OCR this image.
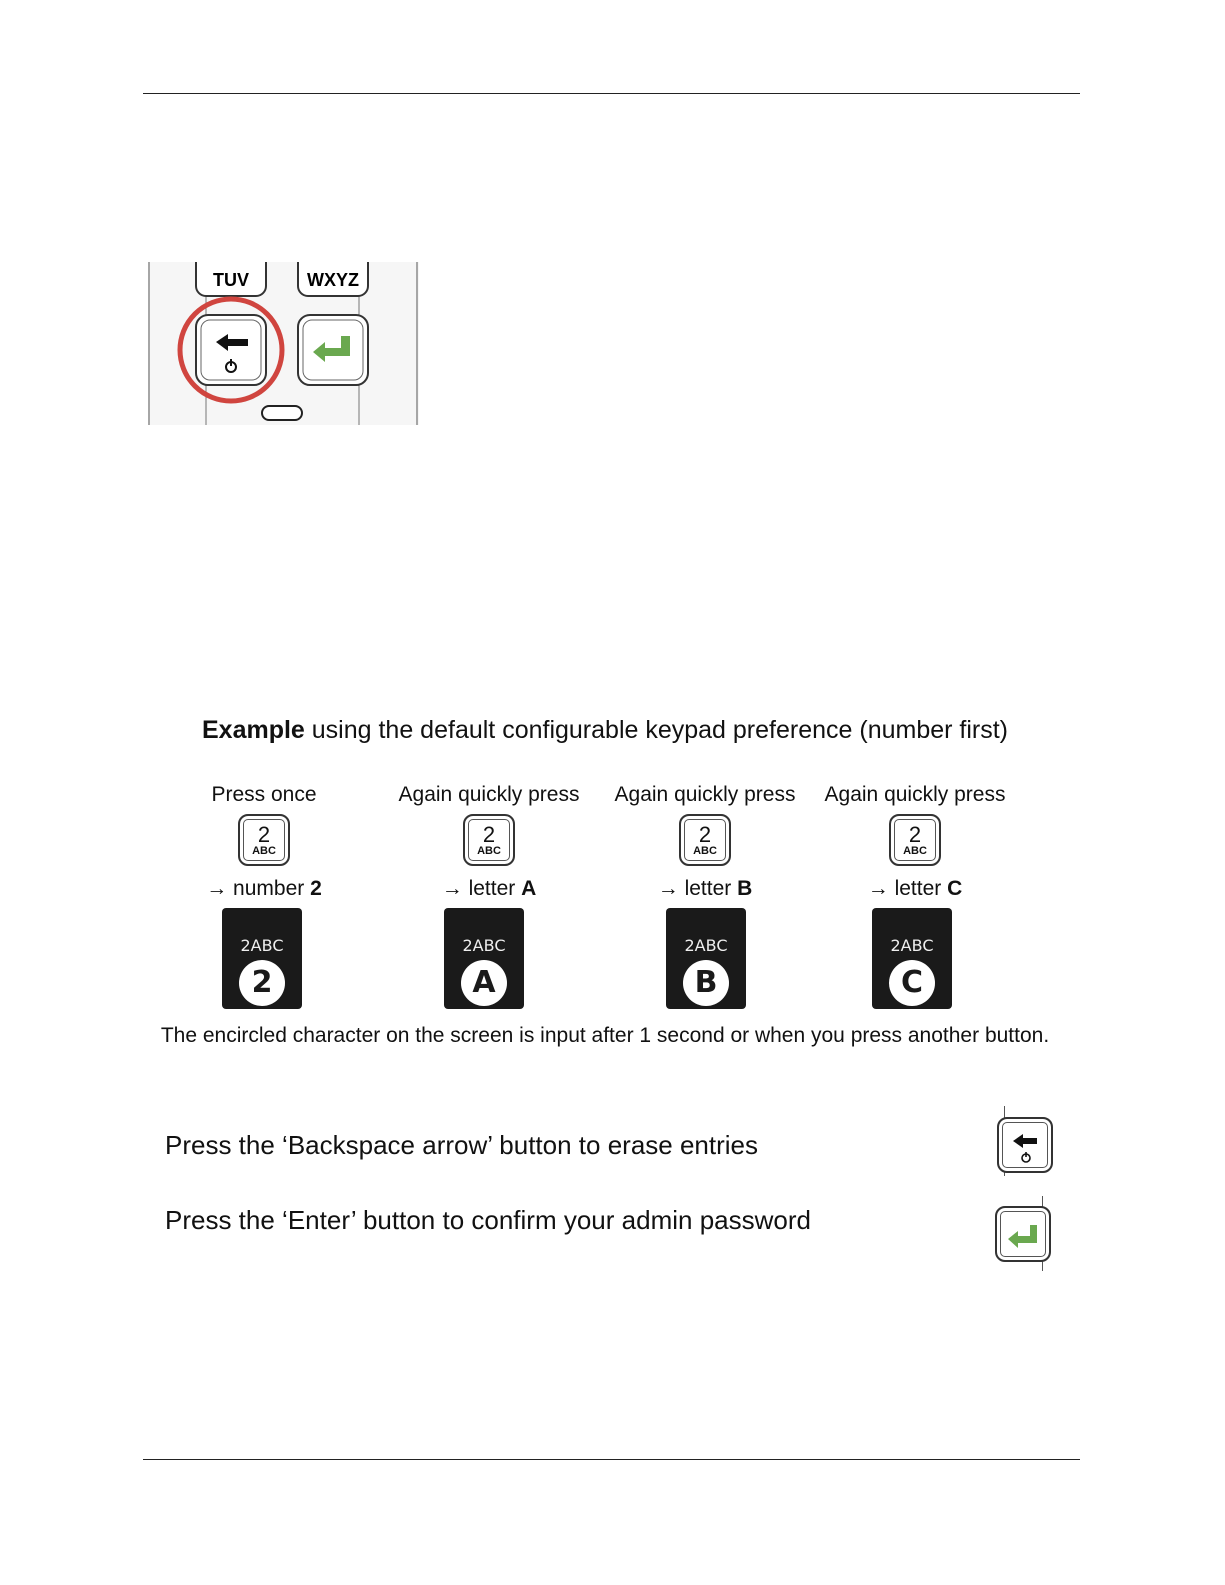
TUV	WXYZ
Example using the default configurable keypad preference (number first)
Press once
2
ABC
→ number 2
2ABC
2
Again quickly press
2
ABC
→ letter A
2ABC
A
Again quickly press
2
ABC
→ letter B
2ABC
B
Again quickly press
2
ABC
→ letter C
2ABC
C
The encircled character on the screen is input after 1 second or when you press another button.
Press the ‘Backspace arrow’ button to erase entries
Press the ‘Enter’ button to confirm your admin password
